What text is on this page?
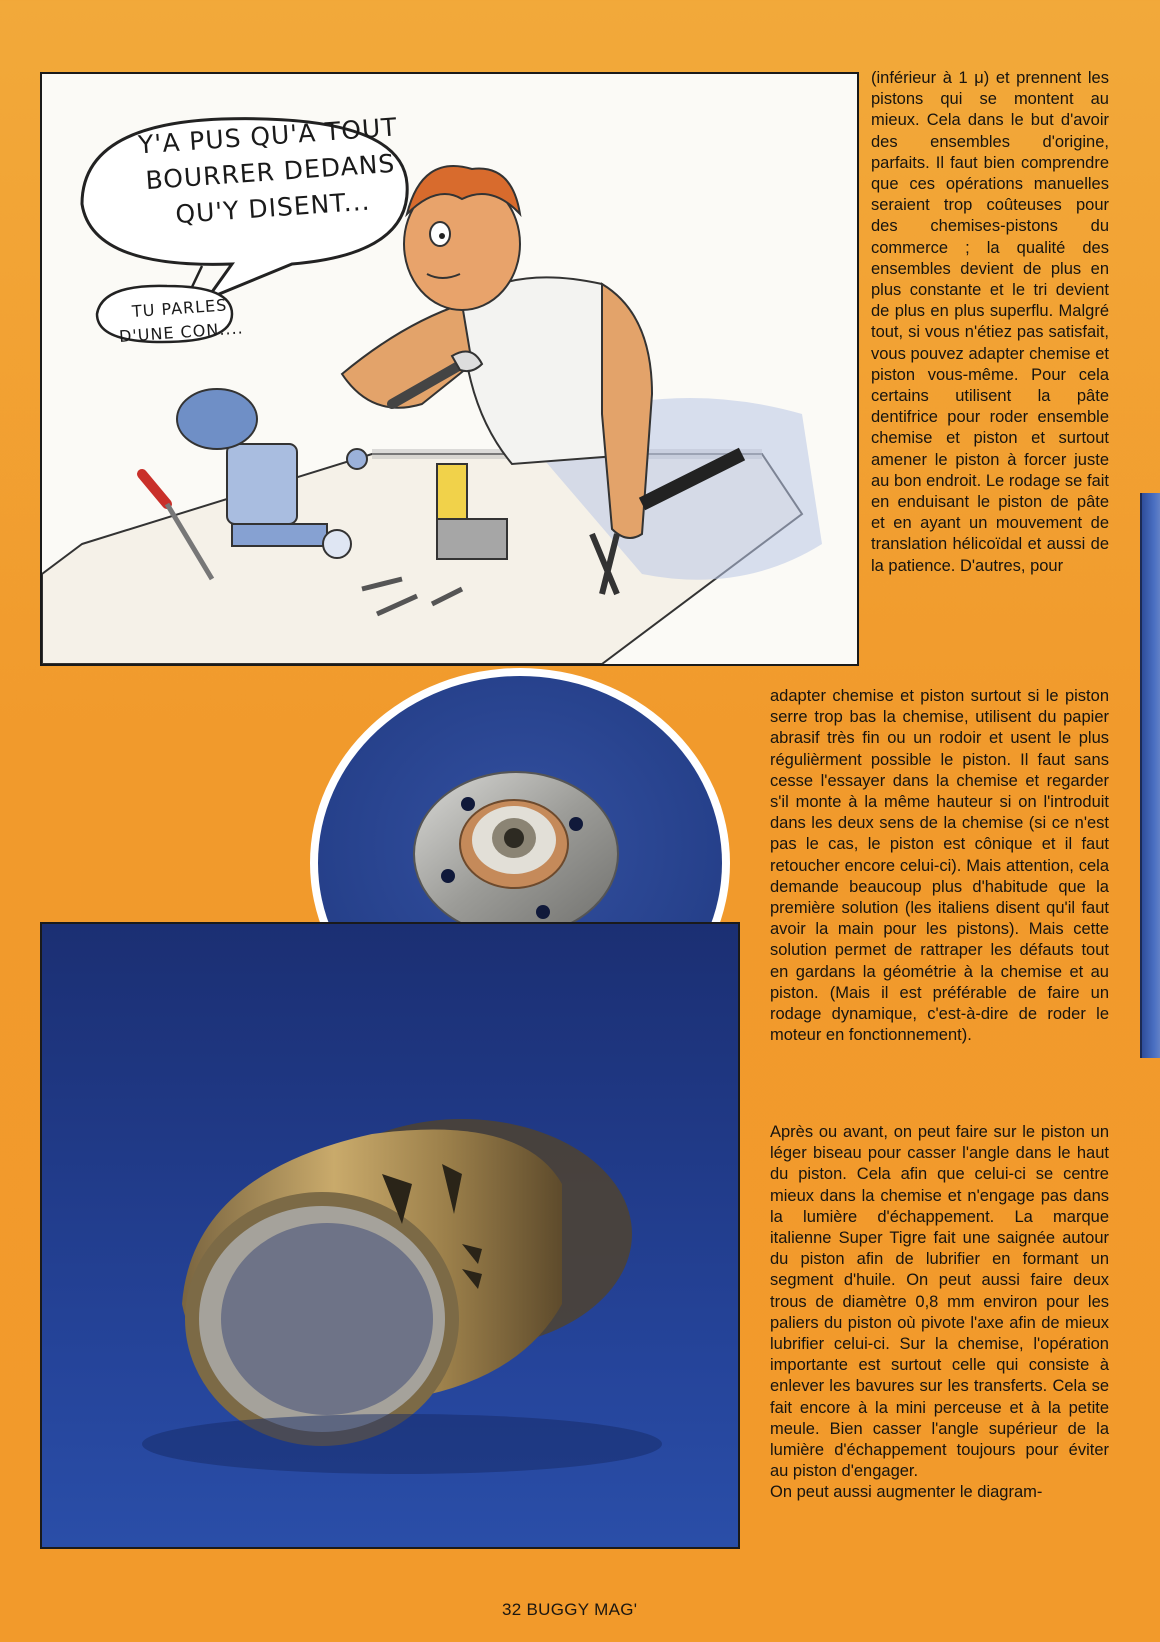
Y'A PUS QU'A TOUT BOURRER DEDANS QU'Y DISENT...
TU PARLES D'UNE CON....

(inférieur à 1 μ) et prennent les pistons qui se montent au mieux. Cela dans le but d'avoir des ensembles d'origine, parfaits. Il faut bien comprendre que ces opérations manuelles seraient trop coûteuses pour des chemises-pistons du commerce ; la qualité des ensembles devient de plus en plus constante et le tri devient de plus en plus superflu. Malgré tout, si vous n'étiez pas satisfait, vous pouvez adapter chemise et piston vous-même. Pour cela certains utilisent la pâte dentifrice pour roder ensemble chemise et piston et surtout amener le piston à forcer juste au bon endroit. Le rodage se fait en enduisant le piston de pâte et en ayant un mouvement de translation hélicoïdal et aussi de la patience. D'autres, pour

adapter chemise et piston surtout si le piston serre trop bas la chemise, utilisent du papier abrasif très fin ou un rodoir et usent le plus régulièrment possible le piston. Il faut sans cesse l'essayer dans la chemise et regarder s'il monte à la même hauteur si on l'introduit dans les deux sens de la chemise (si ce n'est pas le cas, le piston est cônique et il faut retoucher encore celui-ci). Mais attention, cela demande beaucoup plus d'habitude que la première solution (les italiens disent qu'il faut avoir la main pour les pistons). Mais cette solution permet de rattraper les défauts tout en gardans la géométrie à la chemise et au piston. (Mais il est préférable de faire un rodage dynamique, c'est-à-dire de roder le moteur en fonctionnement).

Après ou avant, on peut faire sur le piston un léger biseau pour casser l'angle dans le haut du piston. Cela afin que celui-ci se centre mieux dans la chemise et n'engage pas dans la lumière d'échappement. La marque italienne Super Tigre fait une saignée autour du piston afin de lubrifier en formant un segment d'huile. On peut aussi faire deux trous de diamètre 0,8 mm environ pour les paliers du piston où pivote l'axe afin de mieux lubrifier celui-ci. Sur la chemise, l'opération importante est surtout celle qui consiste à enlever les bavures sur les transferts. Cela se fait encore à la mini perceuse et à la petite meule. Bien casser l'angle supérieur de la lumière d'échappement toujours pour éviter au piston d'engager.

On peut aussi augmenter le diagram-

32 BUGGY MAG'
